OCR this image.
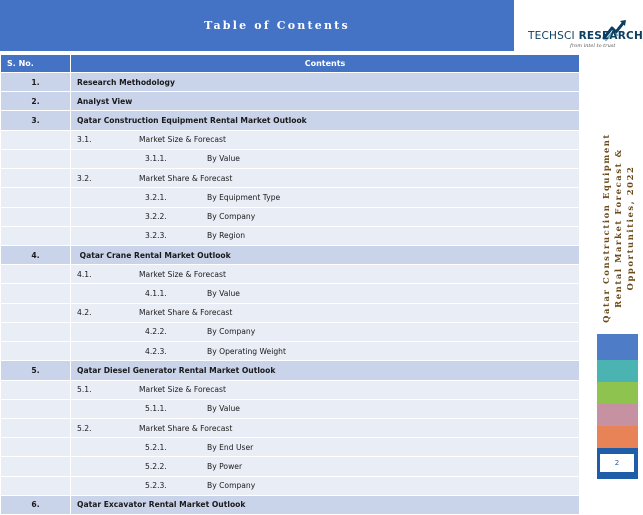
Table of Contents
TECHSCI RESEARCH
from intel to trust
S. No.	Contents
1.	Research Methodology
2.	Analyst View
3.	Qatar Construction Equipment Rental Market Outlook
	3.1. Market Size & Forecast
	3.1.1. By Value
	3.2. Market Share & Forecast
	3.2.1. By Equipment Type
	3.2.2. By Company
	3.2.3. By Region
4.	Qatar Crane Rental Market Outlook
	4.1. Market Size & Forecast
	4.1.1. By Value
	4.2. Market Share & Forecast
	4.2.2. By Company
	4.2.3. By Operating Weight
5.	Qatar Diesel Generator Rental Market Outlook
	5.1. Market Size & Forecast
	5.1.1. By Value
	5.2. Market Share & Forecast
	5.2.1. By End User
	5.2.2. By Power
	5.2.3. By Company
6.	Qatar Excavator Rental Market Outlook
Qatar Construction Equipment Rental Market Forecast & Opportunities, 2022
2
